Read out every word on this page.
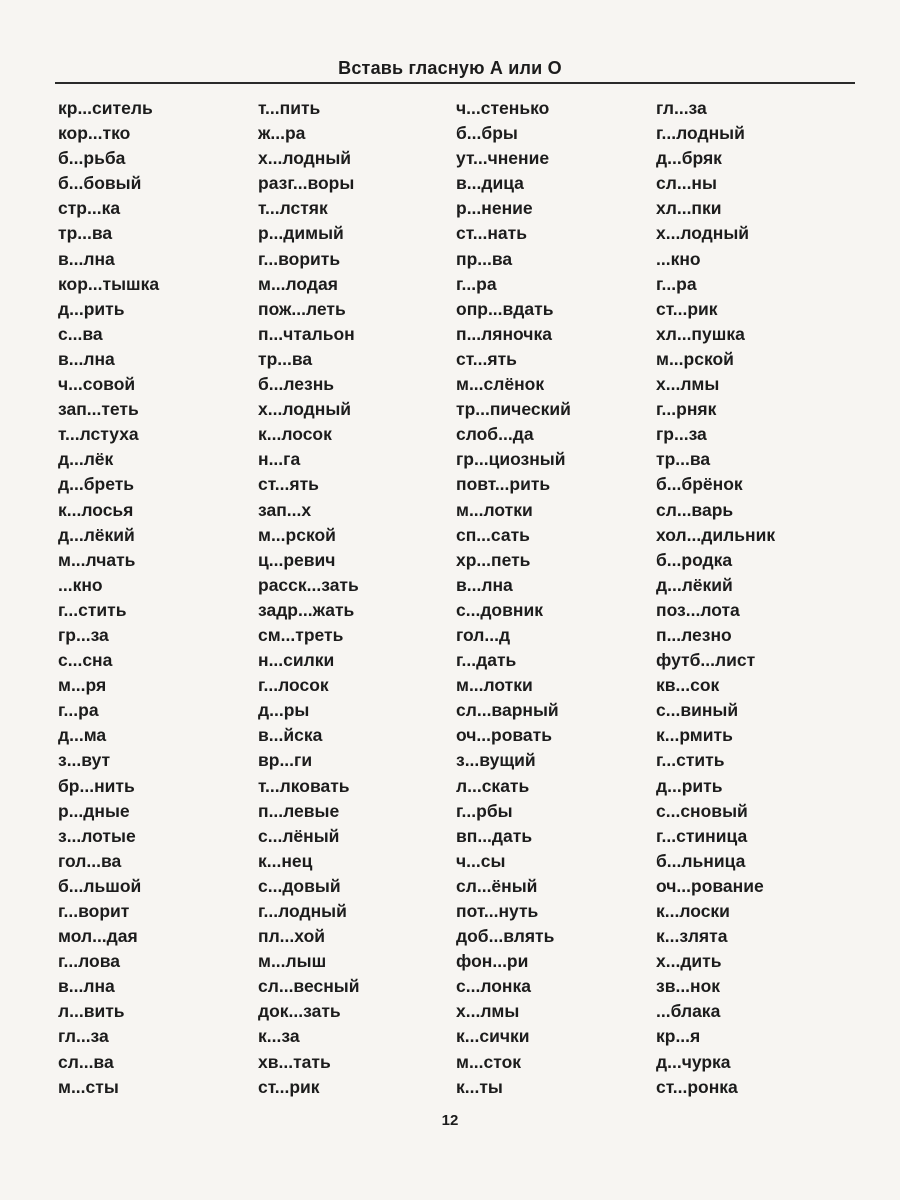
Вставь гласную А или О
кр...ситель
кор...тко
б...рьба
б...бовый
стр...ка
тр...ва
в...лна
кор...тышка
д...рить
с...ва
в...лна
ч...совой
зап...теть
т...лстуха
д...лёк
д...бреть
к...лосья
д...лёкий
м...лчать
...кно
г...стить
гр...за
с...сна
м...ря
г...ра
д...ма
з...вут
бр...нить
р...дные
з...лотые
гол...ва
б...льшой
г...ворит
мол...дая
г...лова
в...лна
л...вить
гл...за
сл...ва
м...сты
т...пить
ж...ра
х...лодный
разг...воры
т...лстяк
р...димый
г...ворить
м...лодая
пож...леть
п...чтальон
тр...ва
б...лезнь
х...лодный
к...лосок
н...га
ст...ять
зап...х
м...рской
ц...ревич
расск...зать
задр...жать
см...треть
н...силки
г...лосок
д...ры
в...йска
вр...ги
т...лковать
п...левые
с...лёный
к...нец
с...довый
г...лодный
пл...хой
м...лыш
сл...весный
док...зать
к...за
хв...тать
ст...рик
ч...стенько
б...бры
ут...чнение
в...дица
р...нение
ст...нать
пр...ва
г...ра
опр...вдать
п...ляночка
ст...ять
м...слёнок
тр...пический
слоб...да
гр...циозный
повт...рить
м...лотки
сп...сать
хр...петь
в...лна
с...довник
гол...д
г...дать
м...лотки
сл...варный
оч...ровать
з...вущий
л...скать
г...рбы
вп...дать
ч...сы
сл...ёный
пот...нуть
доб...влять
фон...ри
с...лонка
х...лмы
к...сички
м...сток
к...ты
гл...за
г...лодный
д...бряк
сл...ны
хл...пки
х...лодный
...кно
г...ра
ст...рик
хл...пушка
м...рской
х...лмы
г...рняк
гр...за
тр...ва
б...брёнок
сл...варь
хол...дильник
б...родка
д...лёкий
поз...лота
п...лезно
футб...лист
кв...сок
с...виный
к...рмить
г...стить
д...рить
с...сновый
г...стиница
б...льница
оч...рование
к...лоски
к...злята
х...дить
зв...нок
...блака
кр...я
д...чурка
ст...ронка
12
